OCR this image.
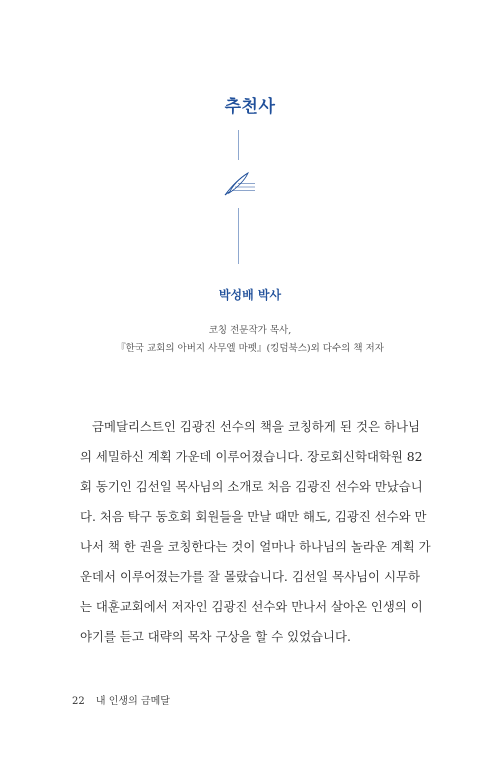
추천사
박성배 박사
코칭 전문작가 목사,
『한국 교회의 아버지 사무엘 마펫』(킹덤북스)외 다수의 책 저자
금메달리스트인 김광진 선수의 책을 코칭하게 된 것은 하나님
의 세밀하신 계획 가운데 이루어졌습니다. 장로회신학대학원 82
회 동기인 김선일 목사님의 소개로 처음 김광진 선수와 만났습니
다. 처음 탁구 동호회 회원들을 만날 때만 해도, 김광진 선수와 만
나서 책 한 권을 코칭한다는 것이 얼마나 하나님의 놀라운 계획 가
운데서 이루어졌는가를 잘 몰랐습니다. 김선일 목사님이 시무하
는 대훈교회에서 저자인 김광진 선수와 만나서 살아온 인생의 이
야기를 듣고 대략의 목차 구상을 할 수 있었습니다.
22 내 인생의 금메달
